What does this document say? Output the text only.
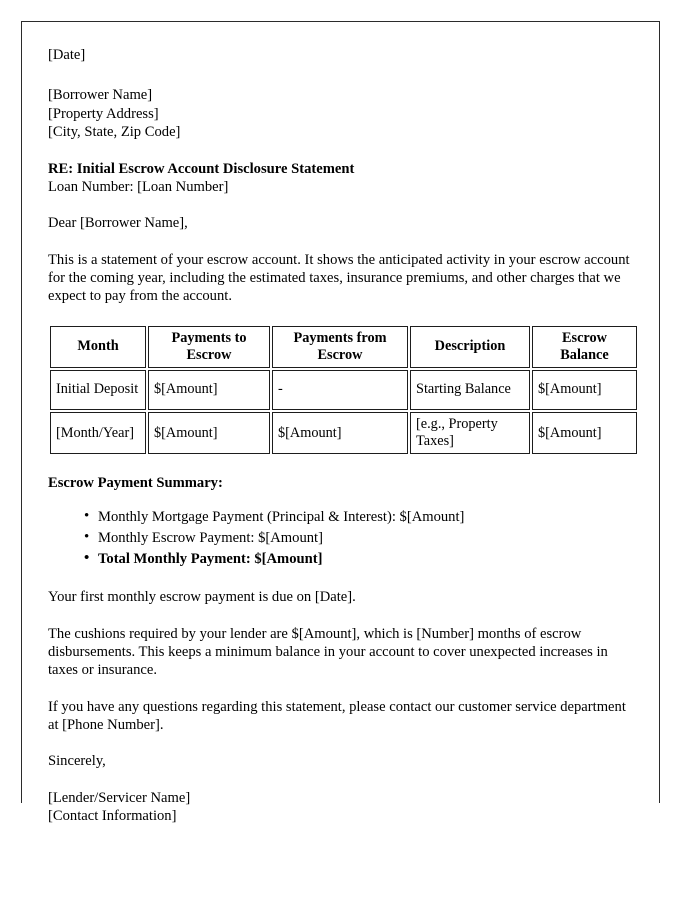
[Date]
[Borrower Name]
[Property Address]
[City, State, Zip Code]
RE: Initial Escrow Account Disclosure Statement
Loan Number: [Loan Number]
Dear [Borrower Name],

This is a statement of your escrow account. It shows the anticipated activity in your escrow account for the coming year, including the estimated taxes, insurance premiums, and other charges that we expect to pay from the account.

Month	Payments to Escrow	Payments from Escrow	Description	Escrow Balance
Initial Deposit	$[Amount]	-	Starting Balance	$[Amount]
[Month/Year]	$[Amount]	$[Amount]	[e.g., Property Taxes]	$[Amount]
Escrow Payment Summary:
• Monthly Mortgage Payment (Principal & Interest): $[Amount]
• Monthly Escrow Payment: $[Amount]
• Total Monthly Payment: $[Amount]

Your first monthly escrow payment is due on [Date].

The cushions required by your lender are $[Amount], which is [Number] months of escrow disbursements. This keeps a minimum balance in your account to cover unexpected increases in taxes or insurance.

If you have any questions regarding this statement, please contact our customer service department at [Phone Number].

Sincerely,
[Lender/Servicer Name]
[Contact Information]
